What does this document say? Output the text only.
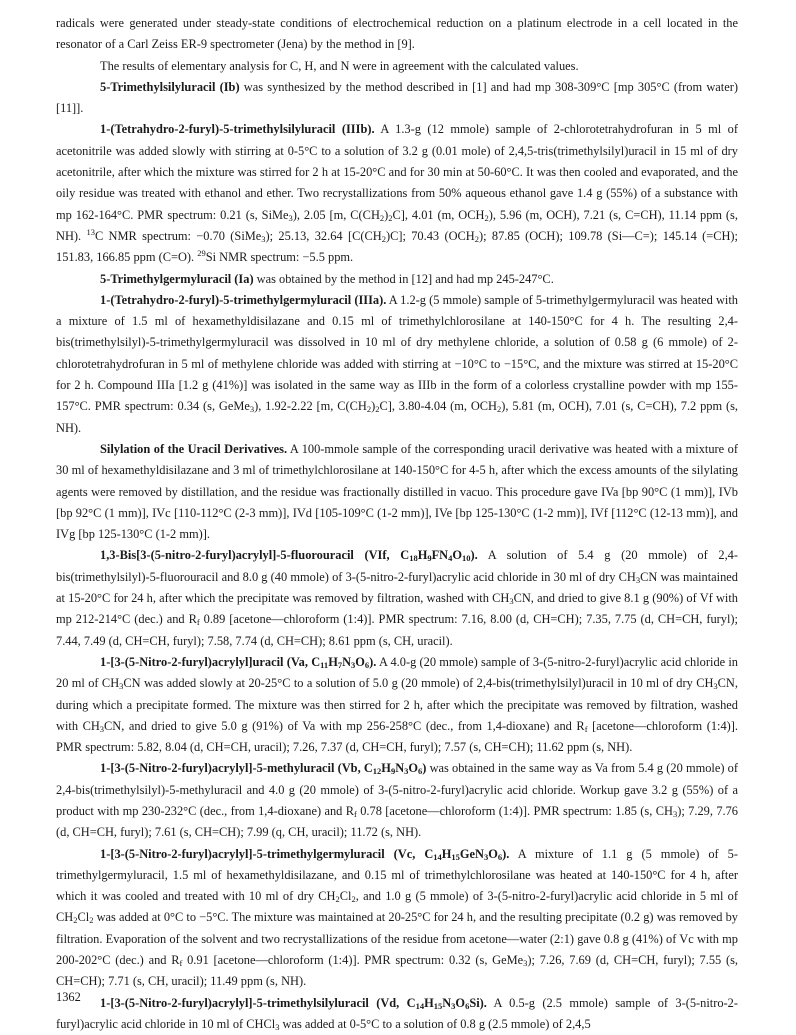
radicals were generated under steady-state conditions of electrochemical reduction on a platinum electrode in a cell located in the resonator of a Carl Zeiss ER-9 spectrometer (Jena) by the method in [9].

The results of elementary analysis for C, H, and N were in agreement with the calculated values.

5-Trimethylsilyluracil (Ib) was synthesized by the method described in [1] and had mp 308-309°C [mp 305°C (from water) [11]].

1-(Tetrahydro-2-furyl)-5-trimethylsilyluracil (IIIb). A 1.3-g (12 mmole) sample of 2-chlorotetrahydrofuran in 5 ml of acetonitrile was added slowly with stirring at 0-5°C to a solution of 3.2 g (0.01 mole) of 2,4,5-tris(trimethylsilyl)uracil in 15 ml of dry acetonitrile, after which the mixture was stirred for 2 h at 15-20°C and for 30 min at 50-60°C. It was then cooled and evaporated, and the oily residue was treated with ethanol and ether. Two recrystallizations from 50% aqueous ethanol gave 1.4 g (55%) of a substance with mp 162-164°C. PMR spectrum: 0.21 (s, SiMe$_3$), 2.05 [m, $C(CH_2)_2C$], 4.01 (m, $OCH_2$), 5.96 (m, OCH), 7.21 (s, C=CH), 11.14 ppm (s, NH). $^{13}$C NMR spectrum: −0.70 (SiMe$_3$); 25.13, 32.64 $[C(CH_2)C]$; 70.43 $(OCH_2)$; 87.85 (OCH); 109.78 (Si—C=); 145.14 (=CH); 151.83, 166.85 ppm (C=O). $^{29}$Si NMR spectrum: −5.5 ppm.

5-Trimethylgermyluracil (Ia) was obtained by the method in [12] and had mp 245-247°C.

1-(Tetrahydro-2-furyl)-5-trimethylgermyluracil (IIIa). A 1.2-g (5 mmole) sample of 5-trimethylgermyluracil was heated with a mixture of 1.5 ml of hexamethyldisilazane and 0.15 ml of trimethylchlorosilane at 140-150°C for 4 h. The resulting 2,4-bis(trimethylsilyl)-5-trimethylgermyluracil was dissolved in 10 ml of dry methylene chloride, a solution of 0.58 g (6 mmole) of 2-chlorotetrahydrofuran in 5 ml of methylene chloride was added with stirring at −10°C to −15°C, and the mixture was stirred at 15-20°C for 2 h. Compound IIIa [1.2 g (41%)] was isolated in the same way as IIIb in the form of a colorless crystalline powder with mp 155-157°C. PMR spectrum: 0.34 (s, GeMe$_3$), 1.92-2.22 [m, $C(CH_2)_2C$], 3.80-4.04 (m, $OCH_2$), 5.81 (m, OCH), 7.01 (s, C=CH), 7.2 ppm (s, NH).

Silylation of the Uracil Derivatives. A 100-mmole sample of the corresponding uracil derivative was heated with a mixture of 30 ml of hexamethyldisilazane and 3 ml of trimethylchlorosilane at 140-150°C for 4-5 h, after which the excess amounts of the silylating agents were removed by distillation, and the residue was fractionally distilled in vacuo. This procedure gave IVa [bp 90°C (1 mm)], IVb [bp 92°C (1 mm)], IVc [110-112°C (2-3 mm)], IVd [105-109°C (1-2 mm)], IVe [bp 125-130°C (1-2 mm)], IVf [112°C (12-13 mm)], and IVg [bp 125-130°C (1-2 mm)].

1,3-Bis[3-(5-nitro-2-furyl)acrylyl]-5-fluorouracil (VIf, $C_{18}H_9FN_4O_{10}$). A solution of 5.4 g (20 mmole) of 2,4-bis(trimethylsilyl)-5-fluorouracil and 8.0 g (40 mmole) of 3-(5-nitro-2-furyl)acrylic acid chloride in 30 ml of dry $CH_3CN$ was maintained at 15-20°C for 24 h, after which the precipitate was removed by filtration, washed with $CH_3CN$, and dried to give 8.1 g (90%) of Vf with mp 212-214°C (dec.) and $R_f$ 0.89 [acetone—chloroform (1:4)]. PMR spectrum: 7.16, 8.00 (d, CH=CH); 7.35, 7.75 (d, CH=CH, furyl); 7.44, 7.49 (d, CH=CH, furyl); 7.58, 7.74 (d, CH=CH); 8.61 ppm (s, CH, uracil).

1-[3-(5-Nitro-2-furyl)acrylyl]uracil (Va, $C_{11}H_7N_3O_6$). A 4.0-g (20 mmole) sample of 3-(5-nitro-2-furyl)acrylic acid chloride in 20 ml of $CH_3CN$ was added slowly at 20-25°C to a solution of 5.0 g (20 mmole) of 2,4-bis(trimethylsilyl)uracil in 10 ml of dry $CH_3CN$, during which a precipitate formed. The mixture was then stirred for 2 h, after which the precipitate was removed by filtration, washed with $CH_3CN$, and dried to give 5.0 g (91%) of Va with mp 256-258°C (dec., from 1,4-dioxane) and $R_f$ [acetone—chloroform (1:4)]. PMR spectrum: 5.82, 8.04 (d, CH=CH, uracil); 7.26, 7.37 (d, CH=CH, furyl); 7.57 (s, CH=CH); 11.62 ppm (s, NH).

1-[3-(5-Nitro-2-furyl)acrylyl]-5-methyluracil (Vb, $C_{12}H_9N_3O_6$) was obtained in the same way as Va from 5.4 g (20 mmole) of 2,4-bis(trimethylsilyl)-5-methyluracil and 4.0 g (20 mmole) of 3-(5-nitro-2-furyl)acrylic acid chloride. Workup gave 3.2 g (55%) of a product with mp 230-232°C (dec., from 1,4-dioxane) and $R_f$ 0.78 [acetone—chloroform (1:4)]. PMR spectrum: 1.85 (s, $CH_3$); 7.29, 7.76 (d, CH=CH, furyl); 7.61 (s, CH=CH); 7.99 (q, CH, uracil); 11.72 (s, NH).

1-[3-(5-Nitro-2-furyl)acrylyl]-5-trimethylgermyluracil (Vc, $C_{14}H_{15}GeN_3O_6$). A mixture of 1.1 g (5 mmole) of 5-trimethylgermyluracil, 1.5 ml of hexamethyldisilazane, and 0.15 ml of trimethylchlorosilane was heated at 140-150°C for 4 h, after which it was cooled and treated with 10 ml of dry $CH_2Cl_2$, and 1.0 g (5 mmole) of 3-(5-nitro-2-furyl)acrylic acid chloride in 5 ml of $CH_2Cl_2$ was added at 0°C to −5°C. The mixture was maintained at 20-25°C for 24 h, and the resulting precipitate (0.2 g) was removed by filtration. Evaporation of the solvent and two recrystallizations of the residue from acetone—water (2:1) gave 0.8 g (41%) of Vc with mp 200-202°C (dec.) and $R_f$ 0.91 [acetone—chloroform (1:4)]. PMR spectrum: 0.32 (s, GeMe$_3$); 7.26, 7.69 (d, CH=CH, furyl); 7.55 (s, CH=CH); 7.71 (s, CH, uracil); 11.49 ppm (s, NH).

1-[3-(5-Nitro-2-furyl)acrylyl]-5-trimethylsilyluracil (Vd, $C_{14}H_{15}N_3O_6Si$). A 0.5-g (2.5 mmole) sample of 3-(5-nitro-2-furyl)acrylic acid chloride in 10 ml of CHCl$_3$ was added at 0-5°C to a solution of 0.8 g (2.5 mmole) of 2,4,5

1362
